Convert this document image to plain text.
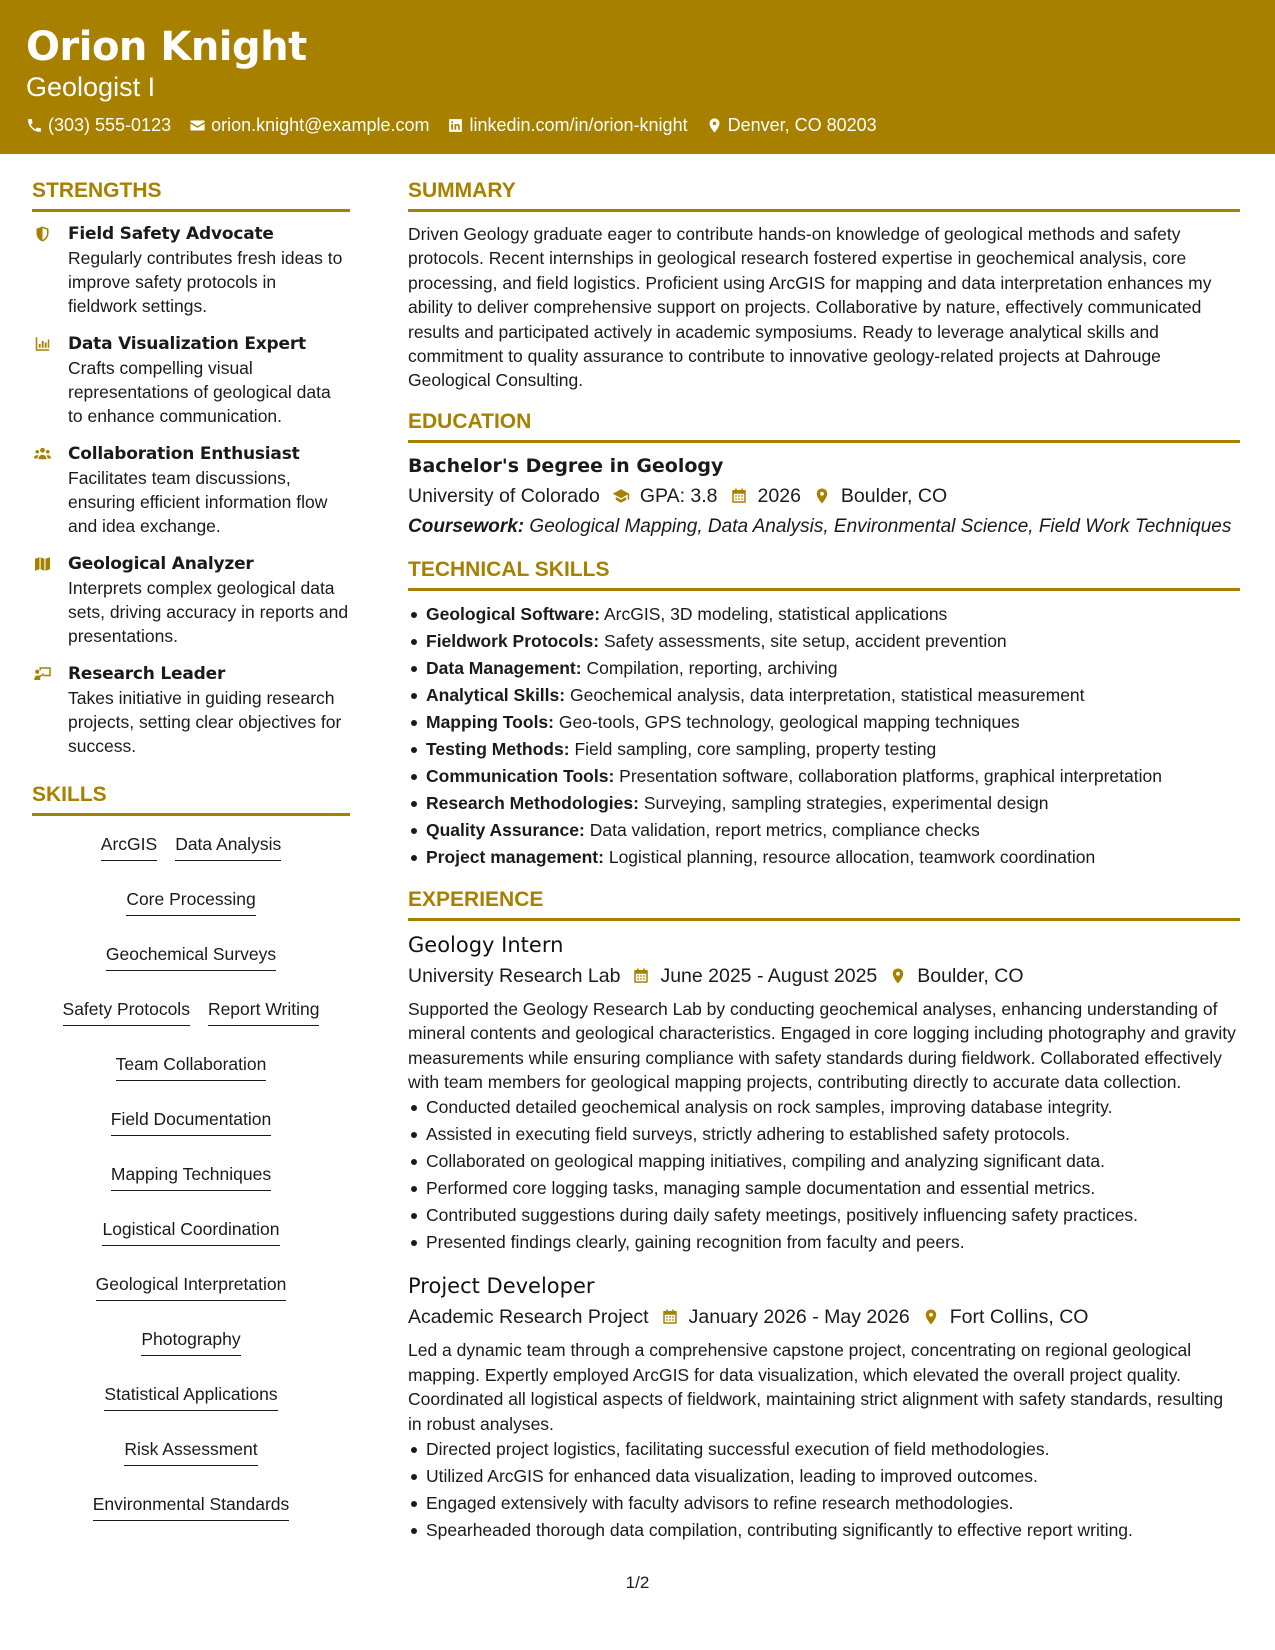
Orion Knight
Geologist I
(303) 555-0123 orion.knight@example.com linkedin.com/in/orion-knight Denver, CO 80203
STRENGTHS
Field Safety Advocate
Regularly contributes fresh ideas to improve safety protocols in fieldwork settings.
Data Visualization Expert
Crafts compelling visual representations of geological data to enhance communication.
Collaboration Enthusiast
Facilitates team discussions, ensuring efficient information flow and idea exchange.
Geological Analyzer
Interprets complex geological data sets, driving accuracy in reports and presentations.
Research Leader
Takes initiative in guiding research projects, setting clear objectives for success.
SKILLS
ArcGIS Data Analysis
Core Processing
Geochemical Surveys
Safety Protocols Report Writing
Team Collaboration
Field Documentation
Mapping Techniques
Logistical Coordination
Geological Interpretation
Photography
Statistical Applications
Risk Assessment
Environmental Standards
SUMMARY
Driven Geology graduate eager to contribute hands-on knowledge of geological methods and safety protocols. Recent internships in geological research fostered expertise in geochemical analysis, core processing, and field logistics. Proficient using ArcGIS for mapping and data interpretation enhances my ability to deliver comprehensive support on projects. Collaborative by nature, effectively communicated results and participated actively in academic symposiums. Ready to leverage analytical skills and commitment to quality assurance to contribute to innovative geology-related projects at Dahrouge Geological Consulting.
EDUCATION
Bachelor's Degree in Geology
University of Colorado GPA: 3.8 2026 Boulder, CO
Coursework: Geological Mapping, Data Analysis, Environmental Science, Field Work Techniques
TECHNICAL SKILLS
Geological Software: ArcGIS, 3D modeling, statistical applications
Fieldwork Protocols: Safety assessments, site setup, accident prevention
Data Management: Compilation, reporting, archiving
Analytical Skills: Geochemical analysis, data interpretation, statistical measurement
Mapping Tools: Geo-tools, GPS technology, geological mapping techniques
Testing Methods: Field sampling, core sampling, property testing
Communication Tools: Presentation software, collaboration platforms, graphical interpretation
Research Methodologies: Surveying, sampling strategies, experimental design
Quality Assurance: Data validation, report metrics, compliance checks
Project management: Logistical planning, resource allocation, teamwork coordination
EXPERIENCE
Geology Intern
University Research Lab June 2025 - August 2025 Boulder, CO
Supported the Geology Research Lab by conducting geochemical analyses, enhancing understanding of mineral contents and geological characteristics. Engaged in core logging including photography and gravity measurements while ensuring compliance with safety standards during fieldwork. Collaborated effectively with team members for geological mapping projects, contributing directly to accurate data collection.
Conducted detailed geochemical analysis on rock samples, improving database integrity.
Assisted in executing field surveys, strictly adhering to established safety protocols.
Collaborated on geological mapping initiatives, compiling and analyzing significant data.
Performed core logging tasks, managing sample documentation and essential metrics.
Contributed suggestions during daily safety meetings, positively influencing safety practices.
Presented findings clearly, gaining recognition from faculty and peers.
Project Developer
Academic Research Project January 2026 - May 2026 Fort Collins, CO
Led a dynamic team through a comprehensive capstone project, concentrating on regional geological mapping. Expertly employed ArcGIS for data visualization, which elevated the overall project quality. Coordinated all logistical aspects of fieldwork, maintaining strict alignment with safety standards, resulting in robust analyses.
Directed project logistics, facilitating successful execution of field methodologies.
Utilized ArcGIS for enhanced data visualization, leading to improved outcomes.
Engaged extensively with faculty advisors to refine research methodologies.
Spearheaded thorough data compilation, contributing significantly to effective report writing.
1/2
